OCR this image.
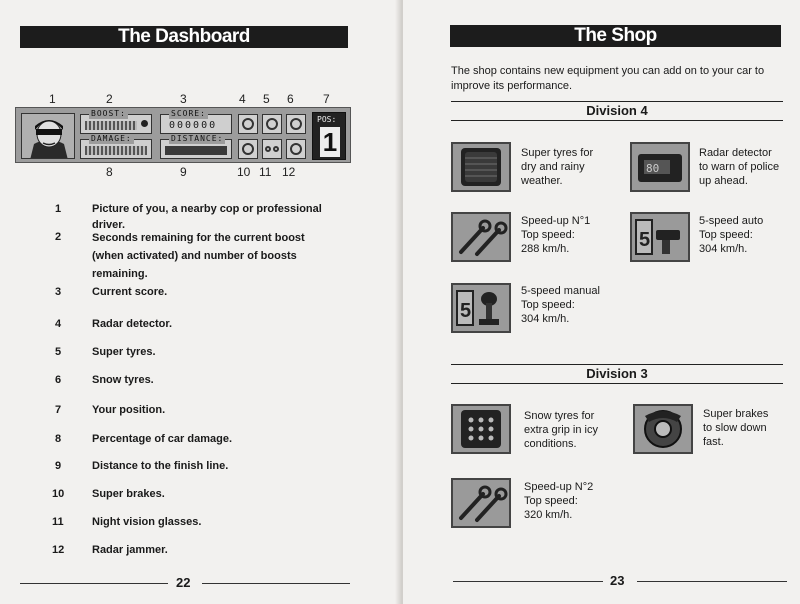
The Dashboard
1	2	3	4 5 6 7
BOOST:	SCORE:
000000
DAMAGE:	DISTANCE:
POS:
1
8	9	10 11 12
1	Picture of you, a nearby cop or professional driver.
2	Seconds remaining for the current boost (when activated) and number of boosts remaining.
3	Current score.
4	Radar detector.
5	Super tyres.
6	Snow tyres.
7	Your position.
8	Percentage of car damage.
9	Distance to the finish line.
10	Super brakes.
11	Night vision glasses.
12	Radar jammer.
22
The Shop

The shop contains new equipment you can add on to your car to improve its performance.

Division 4
Super tyres for
dry and rainy
weather.
80
Radar detector
to warn of police
up ahead.
Speed-up N°1
Top speed:
288 km/h.	5
5-speed auto
Top speed:
304 km/h.
5
5-speed manual
Top speed:
304 km/h.
Division 3
Snow tyres for
extra grip in icy
conditions.
Super brakes
to slow down
fast.
Speed-up N°2
Top speed:
320 km/h.
23
